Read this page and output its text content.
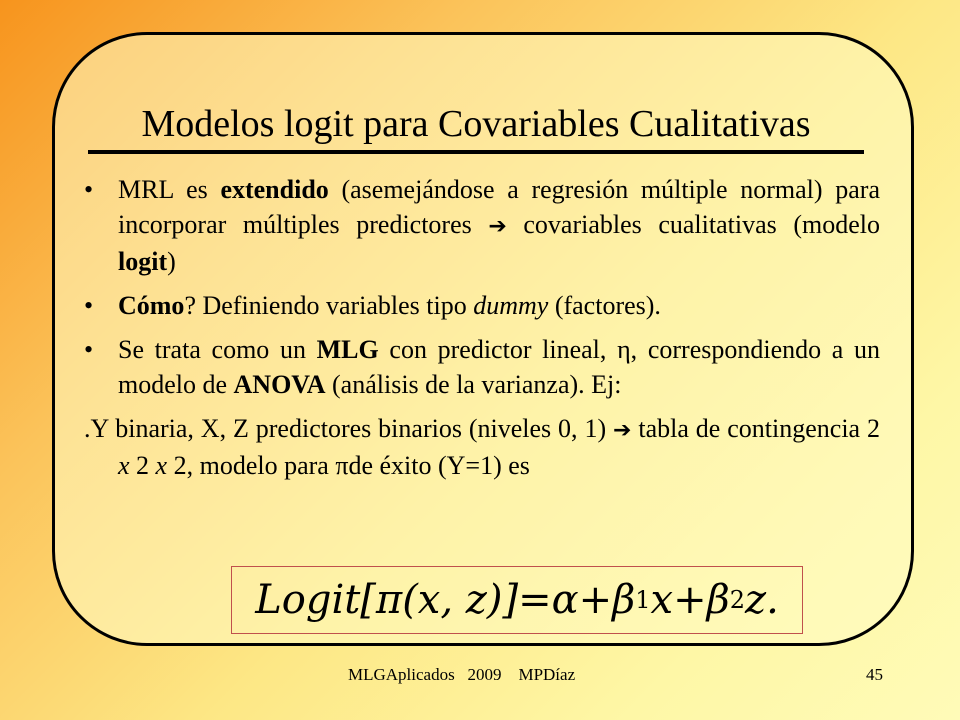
Modelos logit para Covariables Cualitativas
• MRL es extendido (asemejándose a regresión múltiple normal) para incorporar múltiples predictores ➔ covariables cualitativas (modelo logit)
• Cómo? Definiendo variables tipo dummy (factores).
• Se trata como un MLG con predictor lineal, η, correspondiendo a un modelo de ANOVA (análisis de la varianza). Ej:
.Y binaria, X, Z predictores binarios (niveles 0, 1) ➔ tabla de contingencia 2 x 2 x 2, modelo para πde éxito (Y=1) es
Logit[π(x, z)] = α + β 1 x + β 2 z.
MLGAplicados   2009    MPDíaz	45
